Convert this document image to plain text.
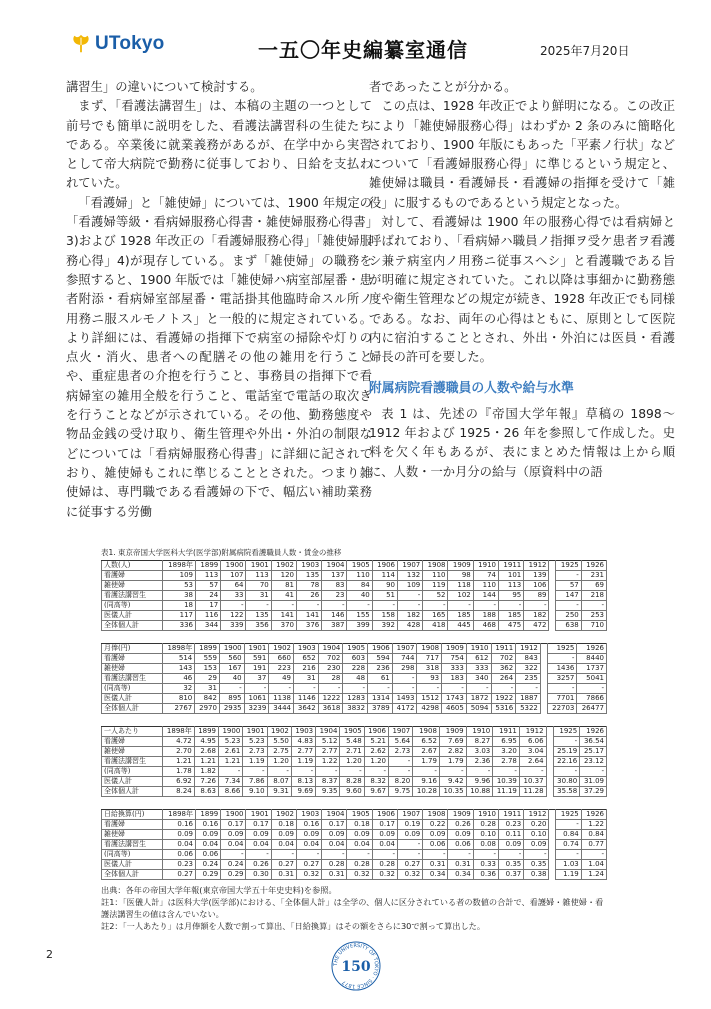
UTokyo	一五〇年史編纂室通信	2025年7月20日

講習生」の違いについて検討する。

まず、「看護法講習生」は、本稿の主題の一つとして前号でも簡単に説明をした、看護法講習科の生徒たちである。卒業後に就業義務があるが、在学中から実習として帝大病院で勤務に従事しており、日給を支払われていた。

「看護婦」と「雑使婦」については、1900 年規定の「看護婦等級・看病婦服務心得書・雑使婦服務心得書」3)および 1928 年改正の「看護婦服務心得」「雑使婦服務心得」4)が現存している。まず「雑使婦」の職務を参照すると、1900 年版では「雑使婦ハ病室部屋番・患者附添・看病婦室部屋番・電話掛其他臨時命スル所ノ用務ニ服スルモノトス」と一般的に規定されている。より詳細には、看護婦の指揮下で病室の掃除や灯りの点火・消火、患者への配膳その他の雑用を行うことや、重症患者の介抱を行うこと、事務員の指揮下で看病婦室の雑用全般を行うこと、電話室で電話の取次ぎを行うことなどが示されている。その他、勤務態度や物品金銭の受け取り、衛生管理や外出・外泊の制限などについては「看病婦服務心得書」に詳細に記されており、雑使婦もこれに準じることとされた。つまり雑使婦は、専門職である看護婦の下で、幅広い補助業務に従事する労働

者であったことが分かる。

この点は、1928 年改正でより鮮明になる。この改正により「雑使婦服務心得」はわずか 2 条のみに簡略化されており、1900 年版にもあった「平素ノ行状」などについて「看護婦服務心得」に準じるという規定と、雑使婦は職員・看護婦長・看護婦の指揮を受けて「雑役」に服するものであるという規定となった。

対して、看護婦は 1900 年の服務心得では看病婦と呼ばれており、「看病婦ハ職員ノ指揮ヲ受ケ患者ヲ看護シ兼テ病室内ノ用務ニ従事スヘシ」と看護職である旨が明確に規定されていた。これ以降は事細かに勤務態度や衛生管理などの規定が続き、1928 年改正でも同様である。なお、両年の心得はともに、原則として医院内に宿泊することとされ、外出・外泊には医員・看護婦長の許可を要した。

附属病院看護職員の人数や給与水準

表 1 は、先述の『帝国大学年報』草稿の 1898〜1912 年および 1925・26 年を参照して作成した。史料を欠く年もあるが、表にまとめた情報は上から順に、人数・一か月分の給与（原資料中の語

表1. 東京帝国大学医科大学(医学部)附属病院看護職員人数・賃金の推移
人数(人)	1898年	1899	1900	1901	1902	1903	1904	1905	1906	1907	1908	1909	1910	1911	1912		1925	1926
看護婦	109	113	107	113	120	135	137	110	114	132	110	98	74	101	139		-	231
雑使婦	53	57	64	70	81	78	83	84	90	109	119	118	110	113	106		57	69
看護法講習生	38	24	33	31	41	26	23	40	51	-	52	102	144	95	89		147	218
(同高等)	18	17	-	-	-	-	-	-	-	-	-	-	-	-	-		-	-
医儀人計	117	116	122	135	141	141	146	155	158	182	165	185	188	185	182		250	253
全体個人計	336	344	339	356	370	376	387	399	392	428	418	445	468	475	472		638	710
月俸(円)	1898年	1899	1900	1901	1902	1903	1904	1905	1906	1907	1908	1909	1910	1911	1912		1925	1926
看護婦	514	559	560	591	660	652	702	603	594	744	717	754	612	702	843		-	8440
雑使婦	143	153	167	191	223	216	230	228	236	298	318	333	333	362	322		1436	1737
看護法講習生	46	29	40	37	49	31	28	48	61	-	93	183	340	264	235		3257	5041
(同高等)	32	31	-	-	-	-	-	-	-	-	-	-	-	-	-		-	-
医儀人計	810	842	895	1061	1138	1146	1222	1283	1314	1493	1512	1743	1872	1922	1887		7701	7866
全体個人計	2767	2970	2935	3239	3444	3642	3618	3832	3789	4172	4298	4605	5094	5316	5322		22703	26477
一人あたり	1898年	1899	1900	1901	1902	1903	1904	1905	1906	1907	1908	1909	1910	1911	1912		1925	1926
看護婦	4.72	4.95	5.23	5.23	5.50	4.83	5.12	5.48	5.21	5.64	6.52	7.69	8.27	6.95	6.06		-	36.54
雑使婦	2.70	2.68	2.61	2.73	2.75	2.77	2.77	2.71	2.62	2.73	2.67	2.82	3.03	3.20	3.04		25.19	25.17
看護法講習生	1.21	1.21	1.21	1.19	1.20	1.19	1.22	1.20	1.20	-	1.79	1.79	2.36	2.78	2.64		22.16	23.12
(同高等)	1.78	1.82	-	-	-	-	-	-	-	-	-	-	-	-	-		-	-
医儀人計	6.92	7.26	7.34	7.86	8.07	8.13	8.37	8.28	8.32	8.20	9.16	9.42	9.96	10.39	10.37		30.80	31.09
全体個人計	8.24	8.63	8.66	9.10	9.31	9.69	9.35	9.60	9.67	9.75	10.28	10.35	10.88	11.19	11.28		35.58	37.29
日給換算(円)	1898年	1899	1900	1901	1902	1903	1904	1905	1906	1907	1908	1909	1910	1911	1912		1925	1926
看護婦	0.16	0.16	0.17	0.17	0.18	0.16	0.17	0.18	0.17	0.19	0.22	0.26	0.28	0.23	0.20		-	1.22
雑使婦	0.09	0.09	0.09	0.09	0.09	0.09	0.09	0.09	0.09	0.09	0.09	0.09	0.10	0.11	0.10		0.84	0.84
看護法講習生	0.04	0.04	0.04	0.04	0.04	0.04	0.04	0.04	0.04	-	0.06	0.06	0.08	0.09	0.09		0.74	0.77
(同高等)	0.06	0.06	-	-	-	-	-	-	-	-	-	-	-	-	-		-	-
医儀人計	0.23	0.24	0.24	0.26	0.27	0.27	0.28	0.28	0.28	0.27	0.31	0.31	0.33	0.35	0.35		1.03	1.04
全体個人計	0.27	0.29	0.29	0.30	0.31	0.32	0.31	0.32	0.32	0.32	0.34	0.34	0.36	0.37	0.38		1.19	1.24

出典：各年の帝国大学年報(東京帝国大学五十年史史料)を参照。

註1：「医儀人計」は医科大学(医学部)における、「全体個人計」は全学の、個人に区分されている者の数値の合計で、看護婦・雑使婦・看護法講習生の値は含んでいない。

註2：「一人あたり」は月俸額を人数で割って算出、「日給換算」はその額をさらに30で割って算出した。

2
THE UNIVERSITY OF TOKYO · SINCE 1877
150
